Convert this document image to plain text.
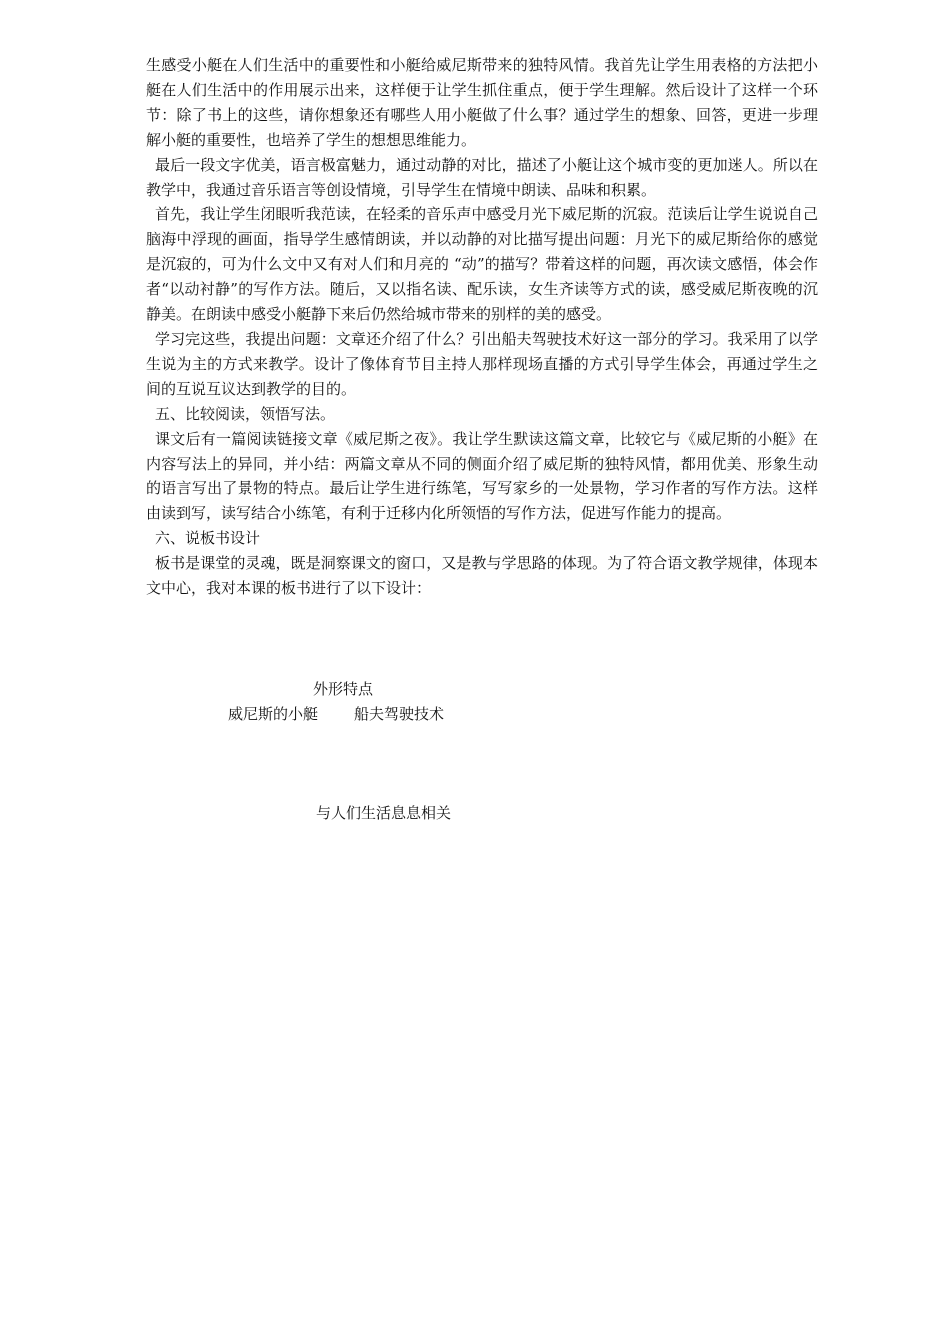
生感受小艇在人们生活中的重要性和小艇给威尼斯带来的独特风情。我首先让学生用表格的方法把小艇在人们生活中的作用展示出来，这样便于让学生抓住重点，便于学生理解。然后设计了这样一个环节：除了书上的这些，请你想象还有哪些人用小艇做了什么事？通过学生的想象、回答，更进一步理解小艇的重要性，也培养了学生的想想思维能力。

最后一段文字优美，语言极富魅力，通过动静的对比，描述了小艇让这个城市变的更加迷人。所以在教学中，我通过音乐语言等创设情境，引导学生在情境中朗读、品味和积累。

首先，我让学生闭眼听我范读，在轻柔的音乐声中感受月光下威尼斯的沉寂。范读后让学生说说自己脑海中浮现的画面，指导学生感情朗读，并以动静的对比描写提出问题：月光下的威尼斯给你的感觉是沉寂的，可为什么文中又有对人们和月亮的 “动”的描写？带着这样的问题，再次读文感悟，体会作者“以动衬静”的写作方法。随后，又以指名读、配乐读，女生齐读等方式的读，感受威尼斯夜晚的沉静美。在朗读中感受小艇静下来后仍然给城市带来的别样的美的感受。

学习完这些，我提出问题：文章还介绍了什么？引出船夫驾驶技术好这一部分的学习。我采用了以学生说为主的方式来教学。设计了像体育节目主持人那样现场直播的方式引导学生体会，再通过学生之间的互说互议达到教学的目的。

五、比较阅读，领悟写法。

课文后有一篇阅读链接文章《威尼斯之夜》。我让学生默读这篇文章，比较它与《威尼斯的小艇》在内容写法上的异同，并小结：两篇文章从不同的侧面介绍了威尼斯的独特风情，都用优美、形象生动的语言写出了景物的特点。最后让学生进行练笔，写写家乡的一处景物，学习作者的写作方法。这样由读到写，读写结合小练笔，有利于迁移内化所领悟的写作方法，促进写作能力的提高。

六、说板书设计

板书是课堂的灵魂，既是洞察课文的窗口，又是教与学思路的体现。为了符合语文教学规律，体现本文中心，我对本课的板书进行了以下设计：

外形特点
威尼斯的小艇 船夫驾驶技术
与人们生活息息相关
